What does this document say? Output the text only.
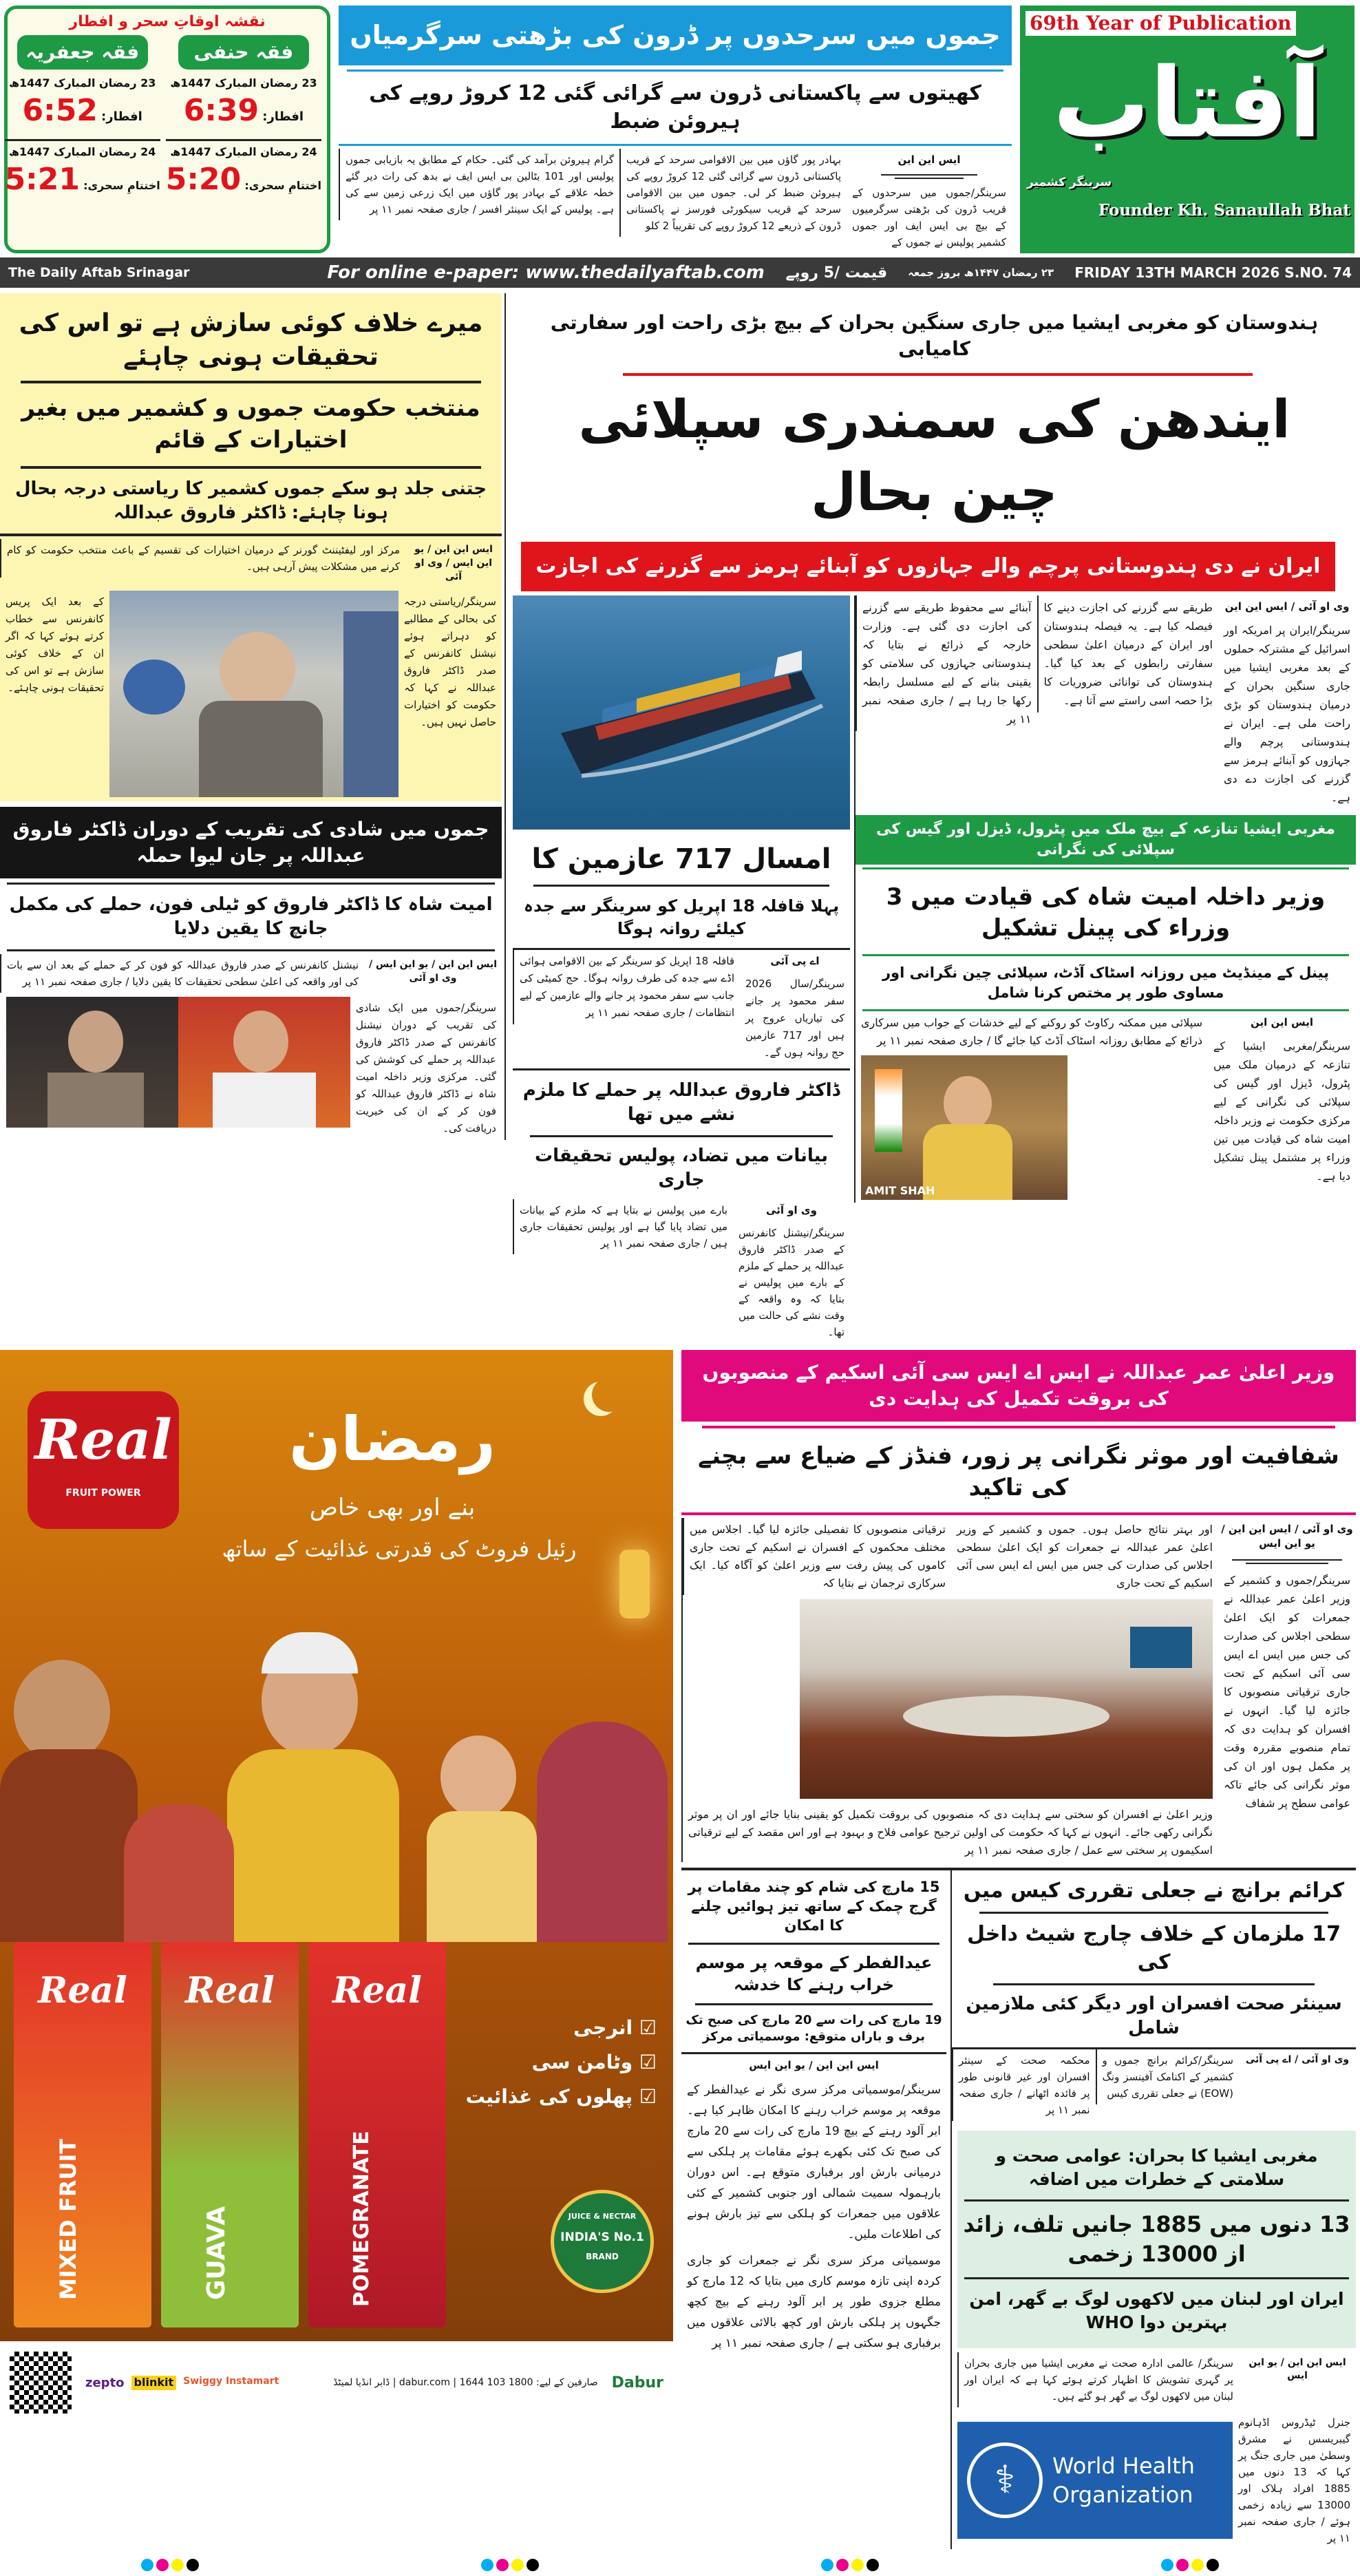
نقشہ اوقاتِ سحر و افطار
فقہ حنفی
23 رمضان المبارک 1447ھ
افطار: 6:39
24 رمضان المبارک 1447ھ
اختتامِ سحری: 5:20
فقہ جعفریہ
23 رمضان المبارک 1447ھ
افطار: 6:52
24 رمضان المبارک 1447ھ
اختتامِ سحری: 5:21
جموں میں سرحدوں پر ڈرون کی بڑھتی سرگرمیاں
کھیتوں سے پاکستانی ڈرون سے گرائی گئی 12 کروڑ روپے کی ہیروئن ضبط
ایس این این
سرینگر/جموں میں سرحدوں کے قریب ڈرون کی بڑھتی سرگرمیوں کے بیچ بی ایس ایف اور جموں کشمیر پولیس نے جموں کے
بہادر پور گاؤں میں بین الاقوامی سرحد کے قریب پاکستانی ڈرون سے گرائی گئی 12 کروڑ روپے کی ہیروئن ضبط کر لی۔ جموں میں بین الاقوامی سرحد کے قریب سیکورٹی فورسز نے پاکستانی ڈرون کے ذریعے 12 کروڑ روپے کی تقریباً 2 کلو
گرام ہیروئن برآمد کی گئی۔ حکام کے مطابق یہ بازیابی جموں پولیس اور 101 بٹالین بی ایس ایف نے بدھ کی رات دیر گئے خطہ علاقے کے بہادر پور گاؤں میں ایک زرعی زمین سے کی ہے۔ پولیس کے ایک سینئر افسر / جاری صفحہ نمبر ۱۱ پر
69th Year of Publication
آفتاب
سرینگر کشمیر
Founder Kh. Sanaullah Bhat
The Daily Aftab Srinagar	For online e-paper: www.thedailyaftab.com قیمت /5 روپے ۲۳ رمضان ۱۴۴۷ھ بروز جمعہ FRIDAY 13TH MARCH 2026 S.NO. 74
میرے خلاف کوئی سازش ہے تو اس کی تحقیقات ہونی چاہئے
منتخب حکومت جموں و کشمیر میں بغیر اختیارات کے قائم
جتنی جلد ہو سکے جموں کشمیر کا ریاستی درجہ بحال ہونا چاہئے: ڈاکٹر فاروق عبداللہ
ایس این این / یو این ایس / وی او آئی
مرکز اور لیفٹیننٹ گورنر کے درمیان اختیارات کی تقسیم کے باعث منتخب حکومت کو کام کرنے میں مشکلات پیش آرہی ہیں۔
سرینگر/ریاستی درجہ کی بحالی کے مطالبے کو دہراتے ہوئے نیشنل کانفرنس کے صدر ڈاکٹر فاروق عبداللہ نے کہا کہ حکومت کو اختیارات حاصل نہیں ہیں۔
کے بعد ایک پریس کانفرنس سے خطاب کرتے ہوئے کہا کہ اگر ان کے خلاف کوئی سازش ہے تو اس کی تحقیقات ہونی چاہئے۔
جموں میں شادی کی تقریب کے دوران ڈاکٹر فاروق عبداللہ پر جان لیوا حملہ
امیت شاہ کا ڈاکٹر فاروق کو ٹیلی فون، حملے کی مکمل جانچ کا یقین دلایا
ایس این این / یو این ایس / وی او آئی
نیشنل کانفرنس کے صدر فاروق عبداللہ کو فون کر کے حملے کے بعد ان سے بات کی اور واقعہ کی اعلیٰ سطحی تحقیقات کا یقین دلایا / جاری صفحہ نمبر ۱۱ پر
سرینگر/جموں میں ایک شادی کی تقریب کے دوران نیشنل کانفرنس کے صدر ڈاکٹر فاروق عبداللہ پر حملے کی کوشش کی گئی۔ مرکزی وزیر داخلہ امیت شاہ نے ڈاکٹر فاروق عبداللہ کو فون کر کے ان کی خیریت دریافت کی۔
ہندوستان کو مغربی ایشیا میں جاری سنگین بحران کے بیچ بڑی راحت اور سفارتی کامیابی
ایندھن کی سمندری سپلائی چین بحال
ایران نے دی ہندوستانی پرچم والے جہازوں کو آبنائے ہرمز سے گزرنے کی اجازت
امسال 717 عازمین کا
پہلا قافلہ 18 اپریل کو سرینگر سے جدہ کیلئے روانہ ہوگا
اے پی آئی
سرینگر/سال 2026 سفر محمود پر جانے کی تیاریاں عروج پر ہیں اور 717 عازمین حج روانہ ہوں گے۔
قافلہ 18 اپریل کو سرینگر کے بین الاقوامی ہوائی اڈے سے جدہ کی طرف روانہ ہوگا۔ حج کمیٹی کی جانب سے سفر محمود پر جانے والے عازمین کے لیے انتظامات / جاری صفحہ نمبر ۱۱ پر
ڈاکٹر فاروق عبداللہ پر حملے کا ملزم نشے میں تھا
بیانات میں تضاد، پولیس تحقیقات جاری
وی او آئی
سرینگر/نیشنل کانفرنس کے صدر ڈاکٹر فاروق عبداللہ پر حملے کے ملزم کے بارے میں پولیس نے بتایا کہ وہ واقعہ کے وقت نشے کی حالت میں تھا۔
بارے میں پولیس نے بتایا ہے کہ ملزم کے بیانات میں تضاد پایا گیا ہے اور پولیس تحقیقات جاری ہیں / جاری صفحہ نمبر ۱۱ پر
وی او آئی / ایس این این
سرینگر/ایران پر امریکہ اور اسرائیل کے مشترکہ حملوں کے بعد مغربی ایشیا میں جاری سنگین بحران کے درمیان ہندوستان کو بڑی راحت ملی ہے۔ ایران نے ہندوستانی پرچم والے جہازوں کو آبنائے ہرمز سے گزرنے کی اجازت دے دی ہے۔
طریقے سے گزرنے کی اجازت دینے کا فیصلہ کیا ہے۔ یہ فیصلہ ہندوستان اور ایران کے درمیان اعلیٰ سطحی سفارتی رابطوں کے بعد کیا گیا۔ ہندوستان کی توانائی ضروریات کا بڑا حصہ اسی راستے سے آتا ہے۔
آبنائے سے محفوظ طریقے سے گزرنے کی اجازت دی گئی ہے۔ وزارت خارجہ کے ذرائع نے بتایا کہ ہندوستانی جہازوں کی سلامتی کو یقینی بنانے کے لیے مسلسل رابطہ رکھا جا رہا ہے / جاری صفحہ نمبر ۱۱ پر
مغربی ایشیا تنازعہ کے بیچ ملک میں پٹرول، ڈیزل اور گیس کی سپلائی کی نگرانی
وزیر داخلہ امیت شاہ کی قیادت میں 3 وزراء کی پینل تشکیل
پینل کے مینڈیٹ میں روزانہ اسٹاک آڈٹ، سپلائی چین نگرانی اور مساوی طور پر مختص کرنا شامل
ایس این این
سرینگر/مغربی ایشیا کے تنازعہ کے درمیان ملک میں پٹرول، ڈیزل اور گیس کی سپلائی کی نگرانی کے لیے مرکزی حکومت نے وزیر داخلہ امیت شاہ کی قیادت میں تین وزراء پر مشتمل پینل تشکیل دیا ہے۔
سپلائی میں ممکنہ رکاوٹ کو روکنے کے لیے خدشات کے جواب میں سرکاری ذرائع کے مطابق روزانہ اسٹاک آڈٹ کیا جائے گا / جاری صفحہ نمبر ۱۱ پر
AMIT SHAH
Real
FRUIT POWER
رمضان
بنے اور بھی خاص
رئیل فروٹ کی قدرتی غذائیت کے ساتھ
Real
MIXED FRUIT
Real
GUAVA
Real
POMEGRANATE
☑ انرجی
☑ وٹامن سی
☑ پھلوں کی غذائیت
JUICE & NECTAR
INDIA'S No.1
BRAND
zepto blinkit Swiggy Instamart	صارفین کے لیے: 1800 103 1644 | dabur.com | ڈابر انڈیا لمیٹڈ Dabur
وزیر اعلیٰ عمر عبداللہ نے ایس اے ایس سی آئی اسکیم کے منصوبوں کی بروقت تکمیل کی ہدایت دی
شفافیت اور موثر نگرانی پر زور، فنڈز کے ضیاع سے بچنے کی تاکید
وی او آئی / ایس این این / یو این ایس
سرینگر/جموں و کشمیر کے وزیر اعلیٰ عمر عبداللہ نے جمعرات کو ایک اعلیٰ سطحی اجلاس کی صدارت کی جس میں ایس اے ایس سی آئی اسکیم کے تحت جاری ترقیاتی منصوبوں کا جائزہ لیا گیا۔ انہوں نے افسران کو ہدایت دی کہ تمام منصوبے مقررہ وقت پر مکمل ہوں اور ان کی موثر نگرانی کی جائے تاکہ عوامی سطح پر شفاف
اور بہتر نتائج حاصل ہوں۔ جموں و کشمیر کے وزیر اعلیٰ عمر عبداللہ نے جمعرات کو ایک اعلیٰ سطحی اجلاس کی صدارت کی جس میں ایس اے ایس سی آئی اسکیم کے تحت جاری
ترقیاتی منصوبوں کا تفصیلی جائزہ لیا گیا۔ اجلاس میں مختلف محکموں کے افسران نے اسکیم کے تحت جاری کاموں کی پیش رفت سے وزیر اعلیٰ کو آگاہ کیا۔ ایک سرکاری ترجمان نے بتایا کہ
وزیر اعلیٰ نے افسران کو سختی سے ہدایت دی کہ منصوبوں کی بروقت تکمیل کو یقینی بنایا جائے اور ان پر موثر نگرانی رکھی جائے۔ انہوں نے کہا کہ حکومت کی اولین ترجیح عوامی فلاح و بہبود ہے اور اس مقصد کے لیے ترقیاتی اسکیموں پر سختی سے عمل / جاری صفحہ نمبر ۱۱ پر
15 مارچ کی شام کو چند مقامات پر گرج چمک کے ساتھ تیز ہوائیں چلنے کا امکان
عیدالفطر کے موقعہ پر موسم خراب رہنے کا خدشہ
19 مارچ کی رات سے 20 مارچ کی صبح تک برف و باراں متوقع: موسمیاتی مرکز
ایس این این / یو این ایس
سرینگر/موسمیاتی مرکز سری نگر نے عیدالفطر کے موقعہ پر موسم خراب رہنے کا امکان ظاہر کیا ہے۔ ابر آلود رہنے کے بیچ 19 مارچ کی رات سے 20 مارچ کی صبح تک کئی بکھرے ہوئے مقامات پر ہلکی سے درمیانی بارش اور برفباری متوقع ہے۔ اس دوران بارہمولہ سمیت شمالی اور جنوبی کشمیر کے کئی علاقوں میں جمعرات کو ہلکی سے تیز بارش ہونے کی اطلاعات ملیں۔
موسمیاتی مرکز سری نگر نے جمعرات کو جاری کردہ اپنی تازہ موسم کاری میں بتایا کہ 12 مارچ کو مطلع جزوی طور پر ابر آلود رہنے کے بیچ کچھ جگہوں پر ہلکی بارش اور کچھ بالائی علاقوں میں برفباری ہو سکتی ہے / جاری صفحہ نمبر ۱۱ پر
کرائم برانچ نے جعلی تقرری کیس میں
17 ملزمان کے خلاف چارج شیٹ داخل کی
سینئر صحت افسران اور دیگر کئی ملازمین شامل
وی او آئی / اے پی آئی
سرینگر/کرائم برانچ جموں و کشمیر کے اکنامک آفینسز ونگ (EOW) نے جعلی تقرری کیس
محکمہ صحت کے سینئر افسران اور غیر قانونی طور پر فائدہ اٹھانے / جاری صفحہ نمبر ۱۱ پر
مغربی ایشیا کا بحران: عوامی صحت و سلامتی کے خطرات میں اضافہ
13 دنوں میں 1885 جانیں تلف، زائد از 13000 زخمی
ایران اور لبنان میں لاکھوں لوگ بے گھر، امن بہترین دوا WHO
ایس این این / یو این ایس
سرینگر/ عالمی ادارہ صحت نے مغربی ایشیا میں جاری بحران پر گہری تشویش کا اظہار کرتے ہوئے کہا ہے کہ ایران اور لبنان میں لاکھوں لوگ بے گھر ہو گئے ہیں۔
جنرل ٹیڈروس اڈہانوم گیبریسس نے مشرق وسطیٰ میں جاری جنگ پر کہا کہ 13 دنوں میں 1885 افراد ہلاک اور 13000 سے زیادہ زخمی ہوئے / جاری صفحہ نمبر ۱۱ پر
⚕	World Health
Organization
